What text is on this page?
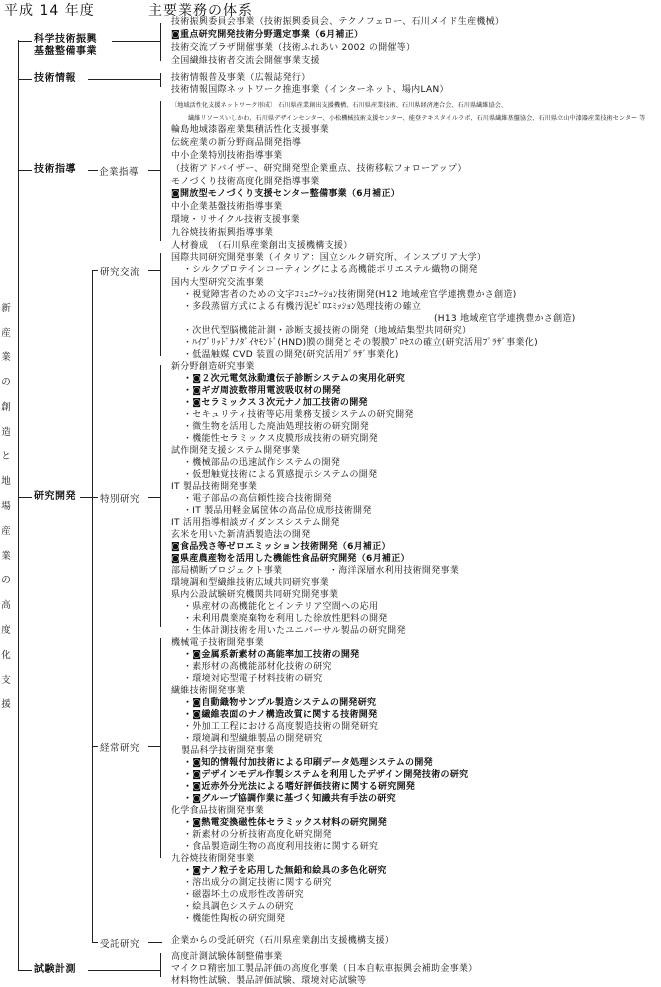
平成 14 年度	主要業務の体系
新
産
業
の
創
造
と
地
場
産
業
の
高
度
化
支
援
科学技術振興
基盤整備事業
技術情報
技術指導
研究開発
試験計測
企業指導
研究交流
特別研究
経常研究
受託研究
技術振興委員会事業（技術振興委員会、テクノフェロー、石川メイド生産機械）
◙重点研究開発技術分野選定事業（6月補正）
技術交流プラザ開催事業（技術ふれあい 2002 の開催等）
全国繊維技術者交流会開催事業支援
技術情報普及事業（広報誌発行）
技術情報国際ネットワーク推進事業（インターネット、場内LAN）
〔地域活性化支援ネットワーク形成〕 石川県産業創出支援機構、石川県産業技術、石川県経済連合会、石川県繊維協会、
繊維リソースいしかわ、石川県デザインセンター、小松機械技術支援センター、能登テキスタイルラボ、石川県繊維基盤協会、石川県立山中漆器産業技術センター 等
輪島地域漆器産業集積活性化支援事業
伝統産業の新分野商品開発指導
中小企業特別技術指導事業
（技術アドバイザー、研究開発型企業重点、技術移転フォローアップ）
モノづくり技術高度化開発指導事業
◙開放型モノづくり支援センター整備事業（6月補正）
中小企業基盤技術指導事業
環境・リサイクル技術支援事業
九谷焼技術振興指導事業
人材養成　（石川県産業創出支援機構支援）
国際共同研究開発事業（イタリア：国立シルク研究所、インスブリア大学）
・シルクプロテインコーティングによる高機能ポリエステル織物の開発
国内大型研究交流事業
・視覚障害者のための文字ｺﾐｭﾆｹｰｼｮﾝ技術開発(H12 地域産官学連携豊かさ創造)
・多段蒸留方式による有機汚泥ｾﾞﾛｴﾐｯｼｮﾝ処理技術の確立
(H13 地域産官学連携豊かさ創造)
・次世代型脳機能計測・診断支援技術の開発（地域結集型共同研究）
・ﾊｲﾌﾞﾘｯﾄﾞﾅﾉﾀﾞｲﾔﾓﾝﾄﾞ(HND)膜の開発とその製膜ﾌﾟﾛｾｽの確立(研究活用ﾌﾟﾗｻﾞ事業化)
・低温触媒 CVD 装置の開発(研究活用ﾌﾟﾗｻﾞ事業化)
新分野創造研究事業
・◙２次元電気泳動遺伝子診断システムの実用化研究
・◙ギガ周波数帯用電波吸収材の開発
・◙セラミックス３次元ナノ加工技術の開発
・セキュリティ技術等応用業務支援システムの研究開発
・微生物を活用した廃油処理技術の研究開発
・機能性セラミックス皮膜形成技術の研究開発
試作開発支援システム開発事業
・機械部品の迅速試作システムの開発
・仮想触覚技術による質感提示システムの開発
IT 製品技術開発事業
・電子部品の高信頼性接合技術開発
・IT 製品用軽金属筐体の高品位成形技術開発
IT 活用指導相談ガイダンスシステム開発
玄米を用いた新清酒製造法の開発
◙食品残さ等ゼロエミッション技術開発（6月補正）
◙県産農産物を活用した機能性食品研究開発（6月補正）
部局横断プロジェクト事業　　　　　・海洋深層水利用技術開発事業
環境調和型繊維技術広域共同研究事業
県内公設試験研究機関共同研究開発事業
・県産材の高機能化とインテリア空間への応用
・未利用農業廃棄物を利用した徐放性肥料の開発
・生体計測技術を用いたユニバーサル製品の研究開発
機械電子技術開発事業
・◙金属系新素材の高能率加工技術の開発
・素形材の高機能部材化技術の研究
・環境対応型電子材料技術の研究
繊維技術開発事業
・◙自動織物サンプル製造システムの開発研究
・◙繊維表面のナノ構造改質に関する技術開発
・外加工工程における高度製造技術の開発研究
・環境調和型繊維製品の開発研究
製品科学技術開発事業
・◙知的情報付加技術による印刷データ処理システムの開発
・◙デザインモデル作製システムを利用したデザイン開発技術の研究
・◙近赤外分光法による嗜好評価技術に関する研究開発
・◙グループ協調作業に基づく知識共有手法の研究
化学食品技術開発事業
・◙熱電変換磁性体セラミックス材料の研究開発
・新素材の分析技術高度化研究開発
・食品製造副生物の高度利用技術に関する研究
九谷焼技術開発事業
・◙ナノ粒子を応用した無鉛和絵具の多色化研究
・溶出成分の測定技術に関する研究
・磁器坏土の成形性改善研究
・絵具調色システムの研究
・機能性陶板の研究開発
企業からの受託研究（石川県産業創出支援機構支援）
高度計測試験体制整備事業
マイクロ精密加工製品評価の高度化事業（日本自転車振興会補助金事業）
材料物性試験、製品評価試験、環境対応試験等
